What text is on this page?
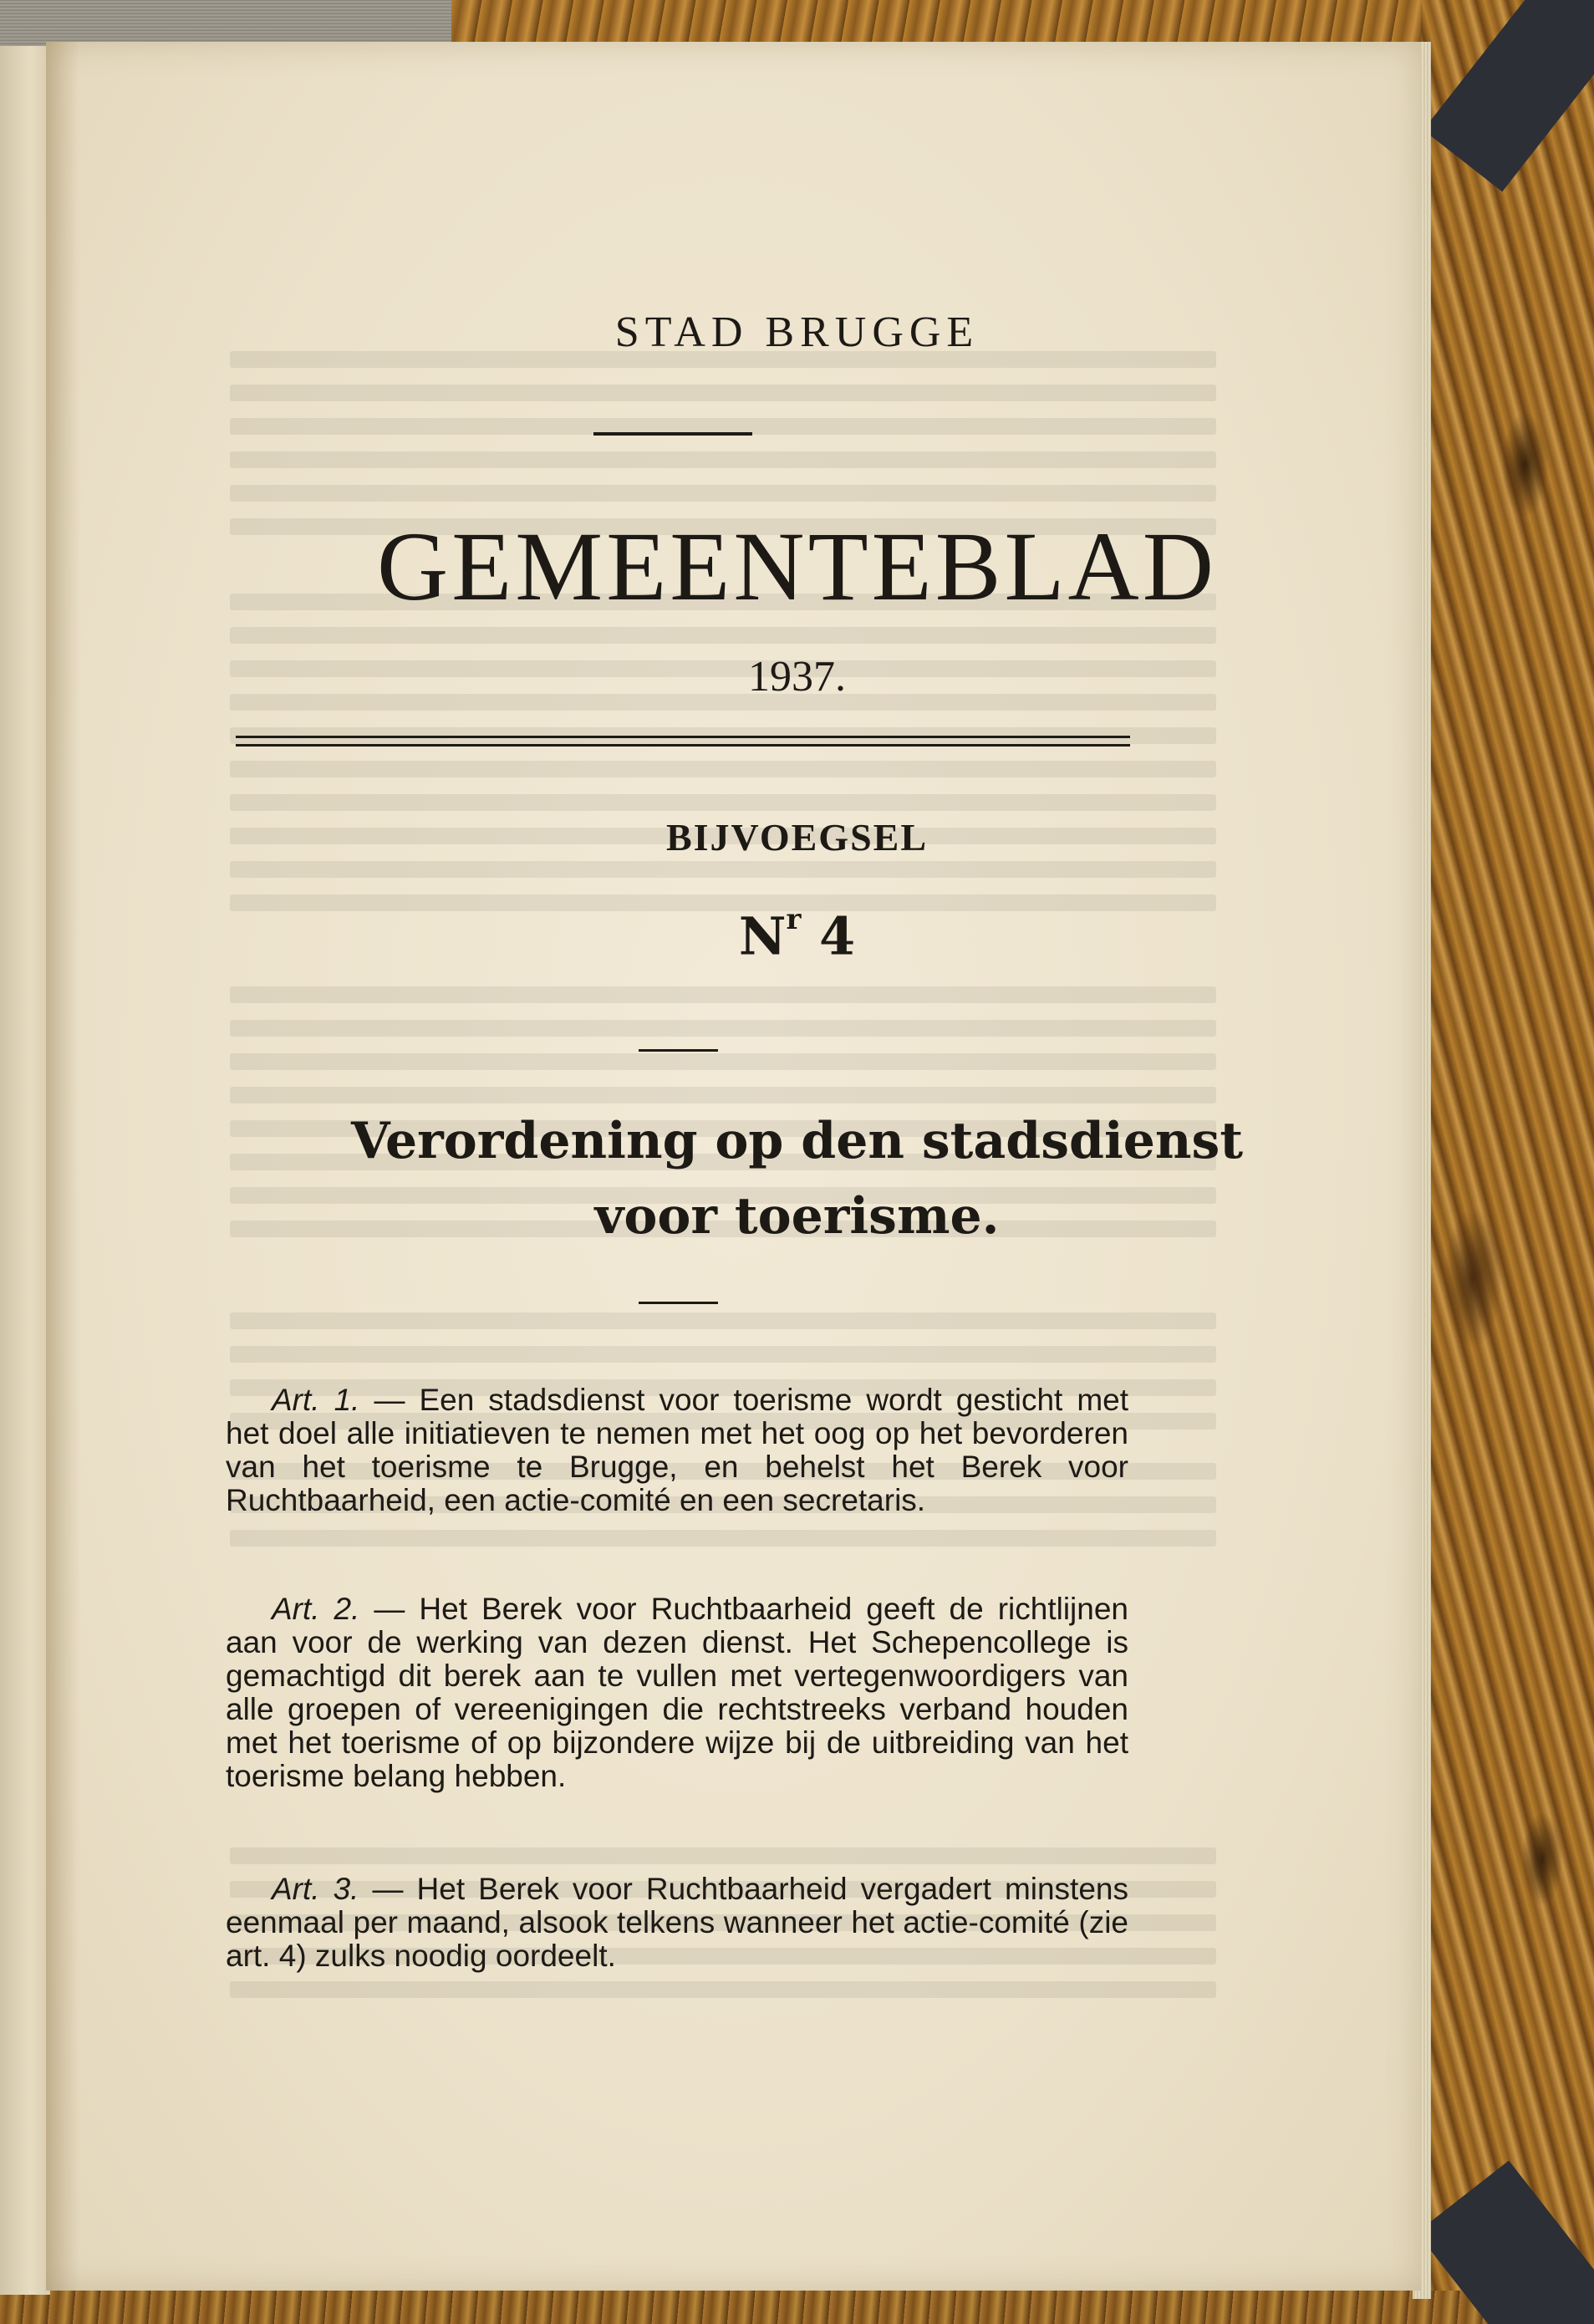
STAD BRUGGE
GEMEENTEBLAD
1937.
BIJVOEGSEL
$N^r$ 4
Verordening op den stadsdienst
voor toerisme.
Art. 1. — Een stadsdienst voor toerisme wordt gesticht met het doel alle initiatieven te nemen met het oog op het bevorderen van het toerisme te Brugge, en behelst het Berek voor Ruchtbaarheid, een actie-comité en een secretaris.
Art. 2. — Het Berek voor Ruchtbaarheid geeft de richtlijnen aan voor de werking van dezen dienst. Het Schepencollege is gemachtigd dit berek aan te vullen met vertegenwoordigers van alle groepen of vereenigingen die rechtstreeks verband houden met het toerisme of op bijzondere wijze bij de uitbreiding van het toerisme belang hebben.
Art. 3. — Het Berek voor Ruchtbaarheid vergadert minstens eenmaal per maand, alsook telkens wanneer het actie-comité (zie art. 4) zulks noodig oordeelt.
